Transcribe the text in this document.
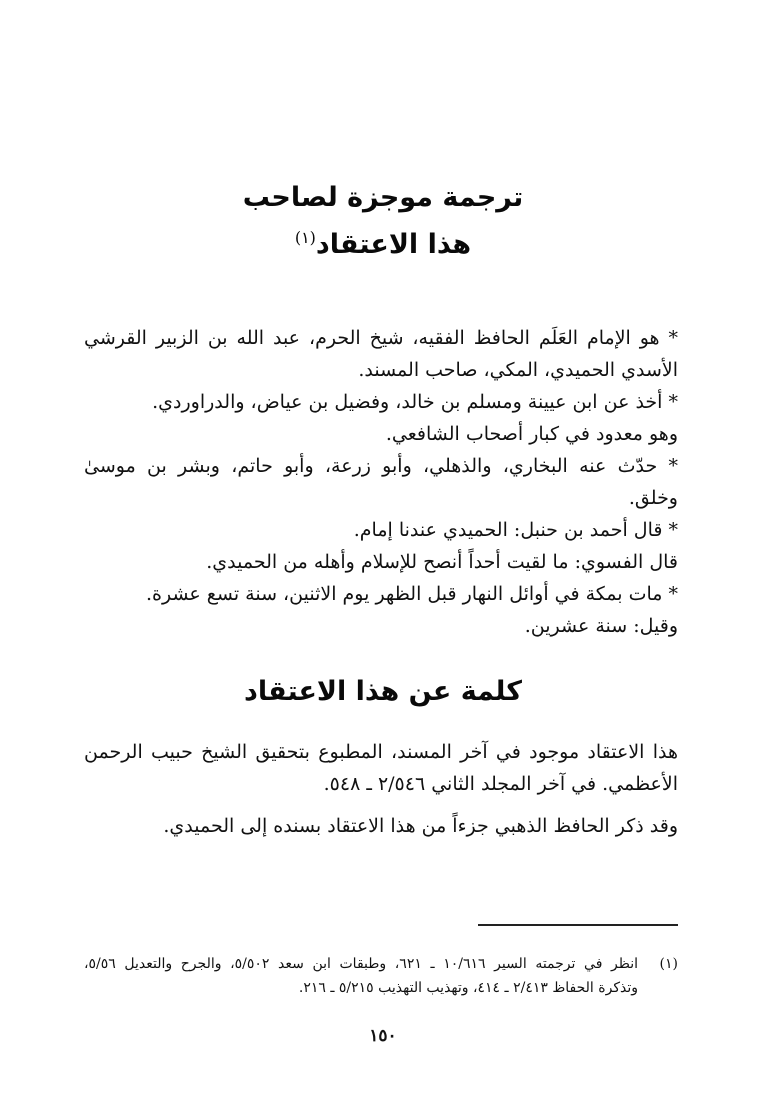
ترجمة موجزة لصاحب
هذا الاعتقاد$^{(١)}$
* هو الإمام العَلَم الحافظ الفقيه، شيخ الحرم، عبد الله بن الزبير القرشي
الأسدي الحميدي، المكي، صاحب المسند.
* أخذ عن ابن عيينة ومسلم بن خالد، وفضيل بن عياض، والدراوردي.
وهو معدود في كبار أصحاب الشافعي.
* حدّث عنه البخاري، والذهلي، وأبو زرعة، وأبو حاتم، وبشر بن موسىٰ
وخلق.
* قال أحمد بن حنبل: الحميدي عندنا إمام.
قال الفسوي: ما لقيت أحداً أنصح للإسلام وأهله من الحميدي.
* مات بمكة في أوائل النهار قبل الظهر يوم الاثنين، سنة تسع عشرة.
وقيل: سنة عشرين.
كلمة عن هذا الاعتقاد
هذا الاعتقاد موجود في آخر المسند، المطبوع بتحقيق الشيخ حبيب الرحمن
الأعظمي. في آخر المجلد الثاني ٢/٥٤٦ ـ ٥٤٨.
وقد ذكر الحافظ الذهبي جزءاً من هذا الاعتقاد بسنده إلى الحميدي.
(١)
انظر في ترجمته السير ١٠/٦١٦ ـ ٦٢١، وطبقات ابن سعد ٥/٥٠٢، والجرح والتعديل ٥/٥٦،
وتذكرة الحفاظ ٢/٤١٣ ـ ٤١٤، وتهذيب التهذيب ٥/٢١٥ ـ ٢١٦.
١٥٠
